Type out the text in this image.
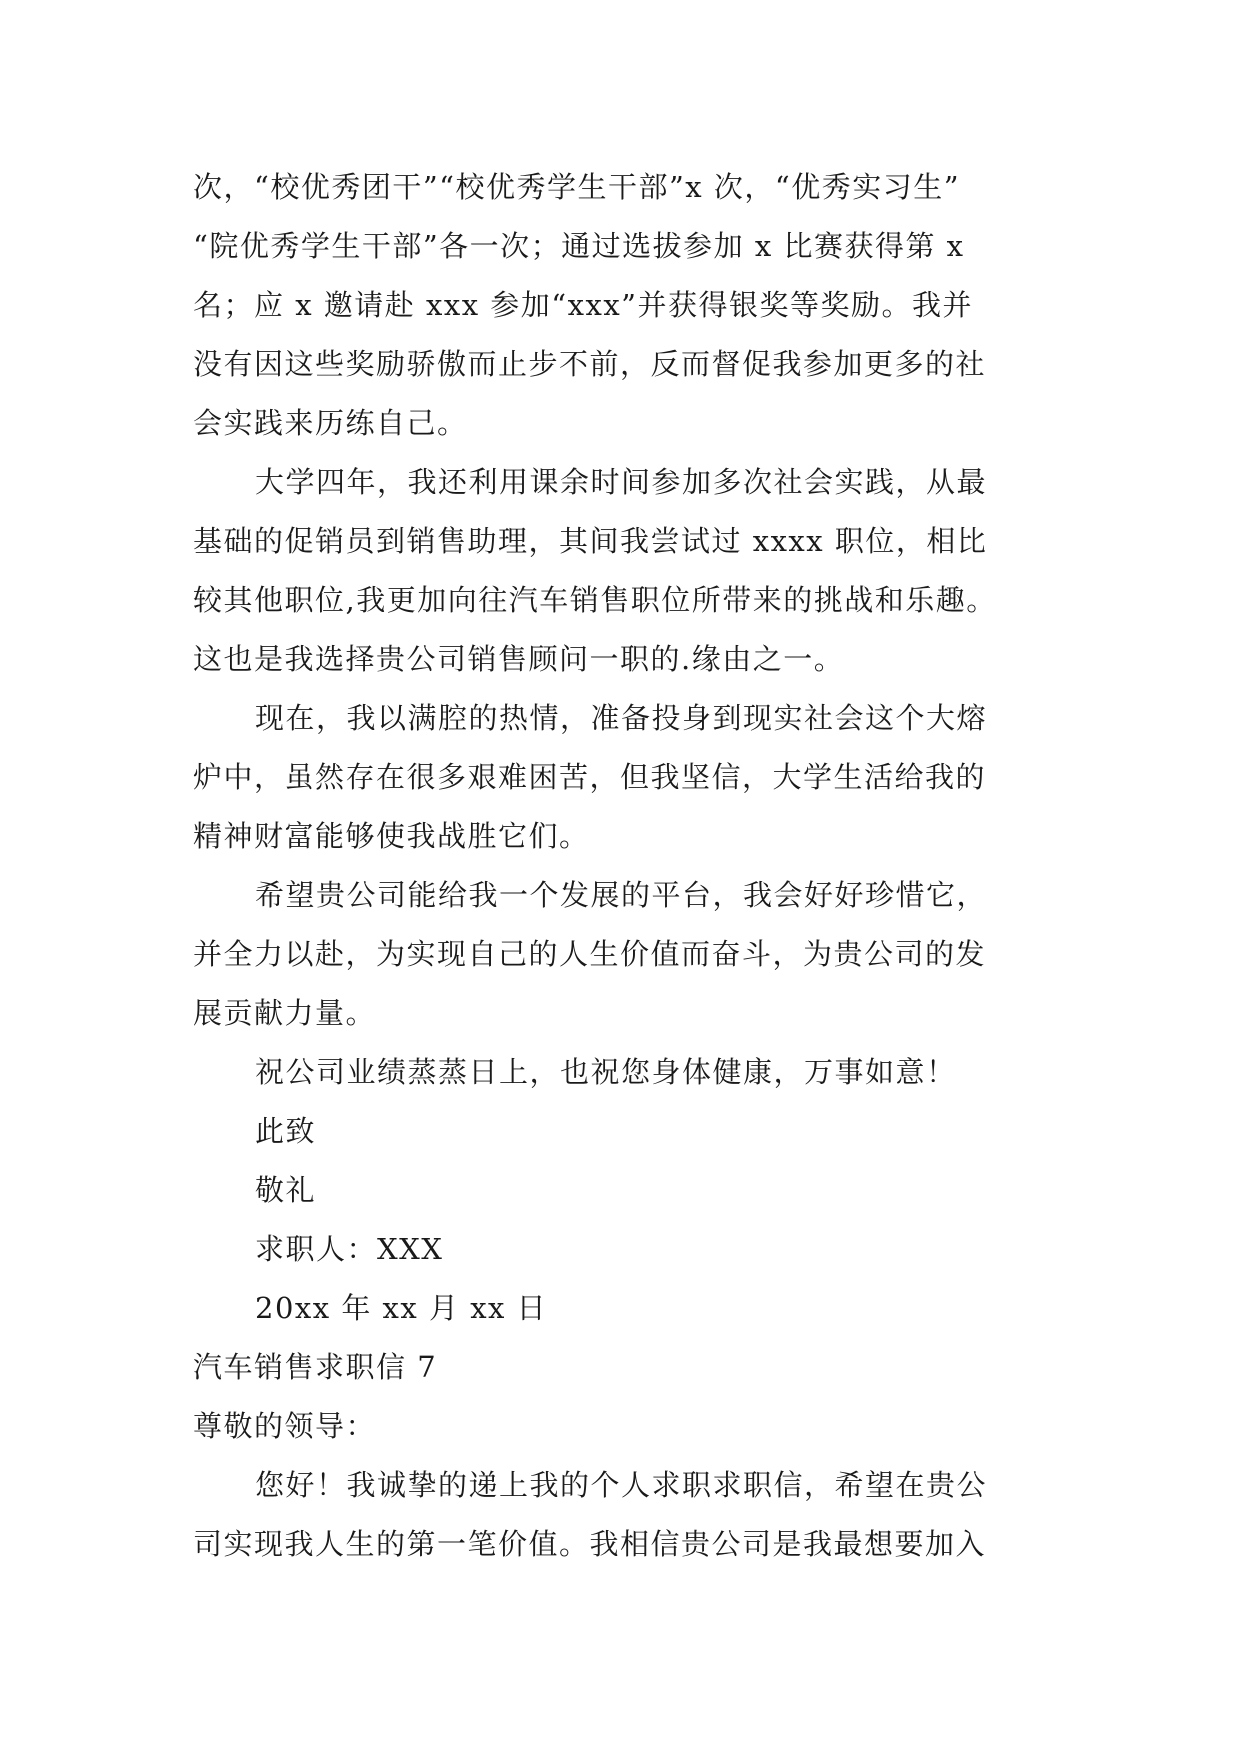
次，“校优秀团干”“校优秀学生干部”x 次，“优秀实习生”
“院优秀学生干部”各一次；通过选拔参加 x 比赛获得第 x
名；应 x 邀请赴 xxx 参加“xxx”并获得银奖等奖励。我并
没有因这些奖励骄傲而止步不前，反而督促我参加更多的社
会实践来历练自己。
大学四年，我还利用课余时间参加多次社会实践，从最
基础的促销员到销售助理，其间我尝试过 xxxx 职位，相比
较其他职位,我更加向往汽车销售职位所带来的挑战和乐趣。
这也是我选择贵公司销售顾问一职的.缘由之一。
现在，我以满腔的热情，准备投身到现实社会这个大熔
炉中，虽然存在很多艰难困苦，但我坚信，大学生活给我的
精神财富能够使我战胜它们。
希望贵公司能给我一个发展的平台，我会好好珍惜它，
并全力以赴，为实现自己的人生价值而奋斗，为贵公司的发
展贡献力量。
祝公司业绩蒸蒸日上，也祝您身体健康，万事如意！
此致
敬礼
求职人：XXX
20xx 年 xx 月 xx 日
汽车销售求职信 7
尊敬的领导：
您好！我诚挚的递上我的个人求职求职信，希望在贵公
司实现我人生的第一笔价值。我相信贵公司是我最想要加入
